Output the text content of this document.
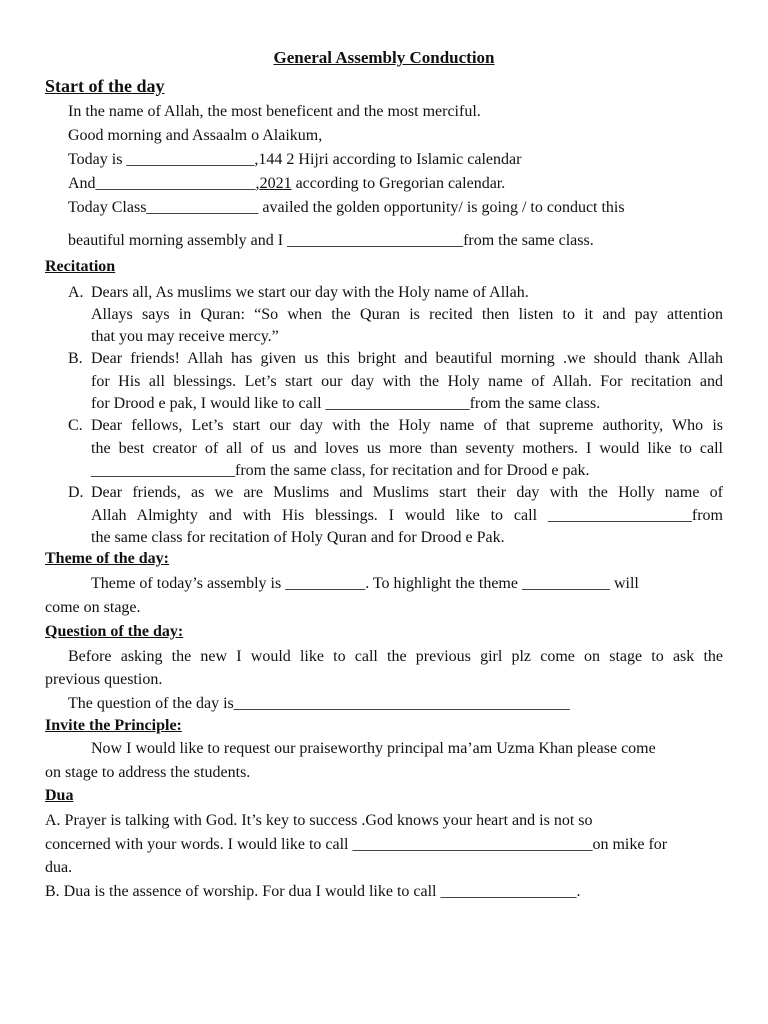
General Assembly Conduction
Start of the day
In the name of Allah, the most beneficent and the most merciful.
Good morning and Assaalm o Alaikum,
Today is ________________,144 2 Hijri according to Islamic calendar
And____________________,2021 according to Gregorian calendar.
Today Class______________ availed the golden opportunity/ is going / to conduct this
beautiful morning assembly and I ______________________from the same class.
Recitation
A. Dears all, As muslims we start our day with the Holy name of Allah.
Allays says in Quran: “So when the Quran is recited then listen to it and pay attention
that you may receive mercy.”
B. Dear friends! Allah has given us this bright and beautiful morning .we should thank Allah
for His all blessings. Let’s start our day with the Holy name of Allah. For recitation and
for Drood e pak, I would like to call __________________from the same class.
C. Dear fellows, Let’s start our day with the Holy name of that supreme authority, Who is
the best creator of all of us and loves us more than seventy mothers. I would like to call
__________________from the same class, for recitation and for Drood e pak.
D. Dear friends, as we are Muslims and Muslims start their day with the Holly name of
Allah Almighty and with His blessings. I would like to call __________________from
the same class for recitation of Holy Quran and for Drood e Pak.
Theme of the day:
Theme of today’s assembly is __________. To highlight the theme ___________ will
come on stage.
Question of the day:
Before asking the new I would like to call the previous girl plz come on stage to ask the
previous question.
The question of the day is__________________________________________
Invite the Principle:
Now I would like to request our praiseworthy principal ma’am Uzma Khan please come
on stage to address the students.
Dua
A. Prayer is talking with God. It’s key to success .God knows your heart and is not so
concerned with your words. I would like to call ______________________________on mike for
dua.
B. Dua is the assence of worship. For dua I would like to call _________________.
